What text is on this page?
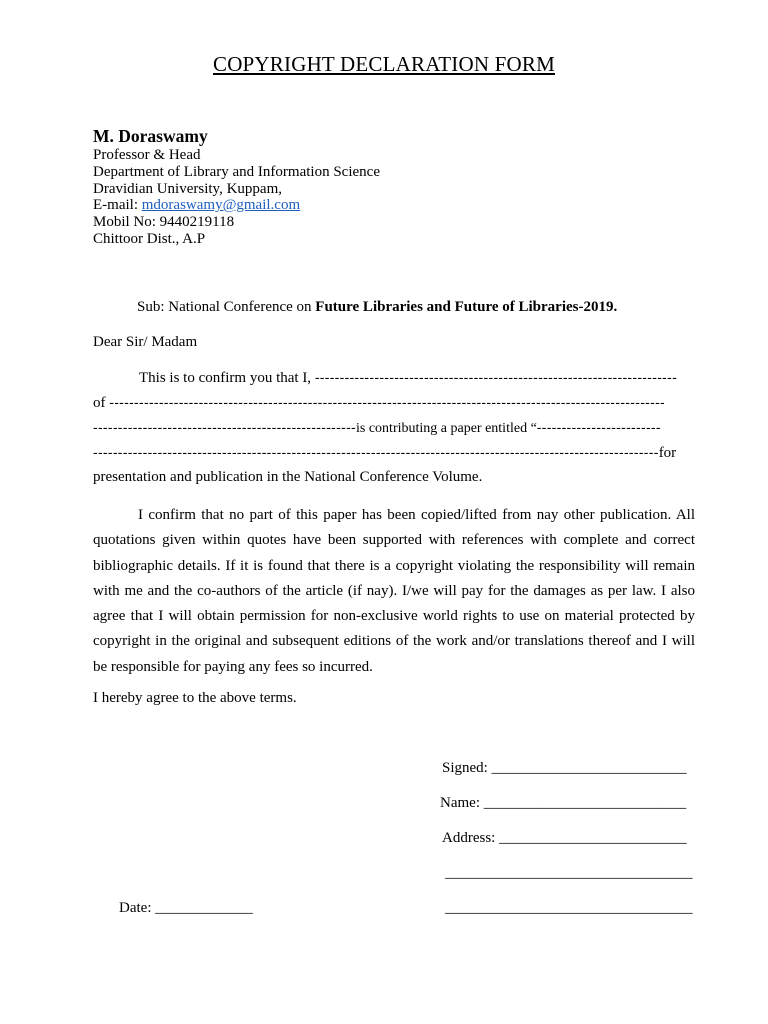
COPYRIGHT DECLARATION FORM
M. Doraswamy
Professor & Head
Department of Library and Information Science
Dravidian University, Kuppam,
E-mail: mdoraswamy@gmail.com
Mobil No: 9440219118
Chittoor Dist., A.P
Sub: National Conference on Future Libraries and Future of Libraries-2019.
Dear Sir/ Madam
This is to confirm you that I, -------------------------------------------------------------------------
of ----------------------------------------------------------------------------------------------------------------
-----------------------------------------------------is contributing a paper entitled “-------------------------
------------------------------------------------------------------------------------------------------------------for
presentation and publication in the National Conference Volume.
I confirm that no part of this paper has been copied/lifted from nay other publication. All quotations given within quotes have been supported with references with complete and correct bibliographic details. If it is found that there is a copyright violating the responsibility will remain with me and the co-authors of the article (if nay). I/we will pay for the damages as per law. I also agree that I will obtain permission for non-exclusive world rights to use on material protected by copyright in the original and subsequent editions of the work and/or translations thereof and I will be responsible for paying any fees so incurred.
I hereby agree to the above terms.
Signed: __________________________
Name: ___________________________
Address: _________________________
_________________________________
_________________________________
Date: _____________
